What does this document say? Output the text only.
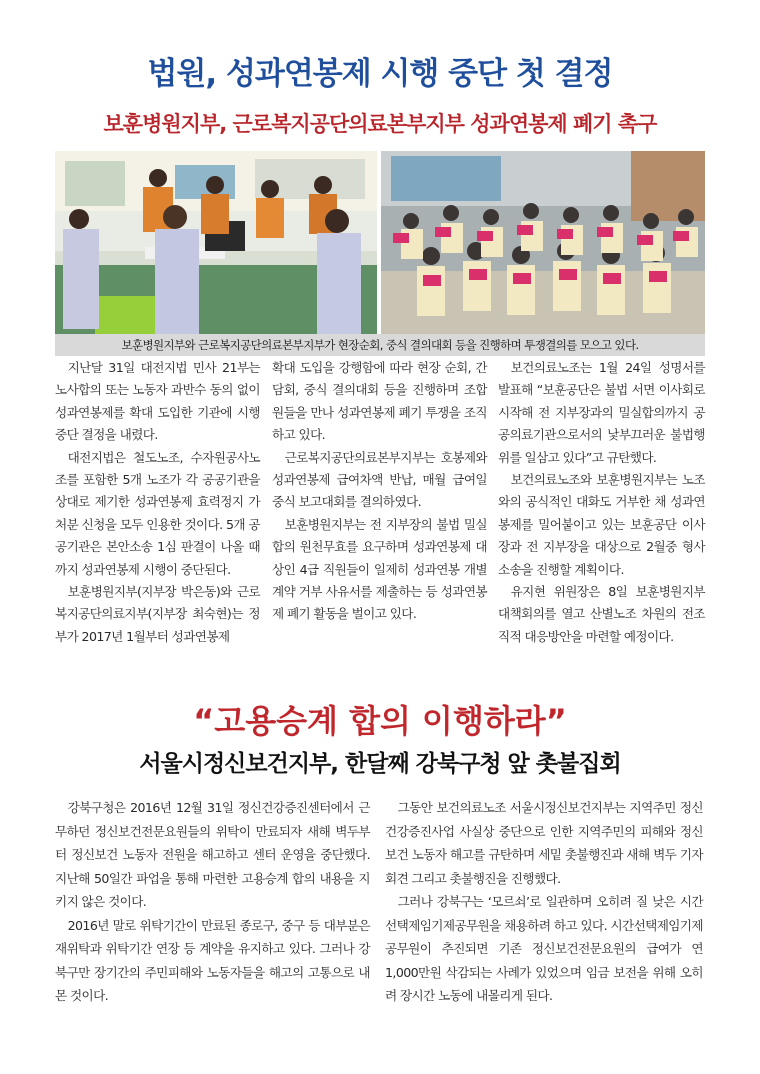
법원, 성과연봉제 시행 중단 첫 결정
보훈병원지부, 근로복지공단의료본부지부 성과연봉제 폐기 촉구
보훈병원지부와 근로복지공단의료본부지부가 현장순회, 중식 결의대회 등을 진행하며 투쟁결의를 모으고 있다.

지난달 31일 대전지법 민사 21부는 노사합의 또는 노동자 과반수 동의 없이 성과연봉제를 확대 도입한 기관에 시행 중단 결정을 내렸다.

대전지법은 철도노조, 수자원공사노조를 포함한 5개 노조가 각 공공기관을 상대로 제기한 성과연봉제 효력정지 가처분 신청을 모두 인용한 것이다. 5개 공공기관은 본안소송 1심 판결이 나올 때까지 성과연봉제 시행이 중단된다.

보훈병원지부(지부장 박은동)와 근로복지공단의료지부(지부장 최숙현)는 정부가 2017년 1월부터 성과연봉제

확대 도입을 강행함에 따라 현장 순회, 간담회, 중식 결의대회 등을 진행하며 조합원들을 만나 성과연봉제 폐기 투쟁을 조직하고 있다.

근로복지공단의료본부지부는 호봉제와 성과연봉제 급여차액 반납, 매월 급여일 중식 보고대회를 결의하였다.

보훈병원지부는 전 지부장의 불법 밀실합의 원천무효를 요구하며 성과연봉제 대상인 4급 직원들이 일제히 성과연봉 개별계약 거부 사유서를 제출하는 등 성과연봉제 폐기 활동을 벌이고 있다.

보건의료노조는 1월 24일 성명서를 발표해 “보훈공단은 불법 서면 이사회로 시작해 전 지부장과의 밀실합의까지 공공의료기관으로서의 낯부끄러운 불법행위를 일삼고 있다”고 규탄했다.

보건의료노조와 보훈병원지부는 노조와의 공식적인 대화도 거부한 채 성과연봉제를 밀어붙이고 있는 보훈공단 이사장과 전 지부장을 대상으로 2월중 형사소송을 진행할 계획이다.

유지현 위원장은 8일 보훈병원지부 대책회의를 열고 산별노조 차원의 전조직적 대응방안을 마련할 예정이다.

“고용승계 합의 이행하라”
서울시정신보건지부, 한달째 강북구청 앞 촛불집회

강북구청은 2016년 12월 31일 정신건강증진센터에서 근무하던 정신보건전문요원들의 위탁이 만료되자 새해 벽두부터 정신보건 노동자 전원을 해고하고 센터 운영을 중단했다. 지난해 50일간 파업을 통해 마련한 고용승계 합의 내용을 지키지 않은 것이다.

2016년 말로 위탁기간이 만료된 종로구, 중구 등 대부분은 재위탁과 위탁기간 연장 등 계약을 유지하고 있다. 그러나 강북구만 장기간의 주민피해와 노동자들을 해고의 고통으로 내몬 것이다.

그동안 보건의료노조 서울시정신보건지부는 지역주민 정신건강증진사업 사실상 중단으로 인한 지역주민의 피해와 정신보건 노동자 해고를 규탄하며 세밑 촛불행진과 새해 벽두 기자회견 그리고 촛불행진을 진행했다.

그러나 강북구는 ‘모르쇠’로 일관하며 오히려 질 낮은 시간선택제임기제공무원을 채용하려 하고 있다. 시간선택제임기제공무원이 추진되면 기존 정신보건전문요원의 급여가 연 1,000만원 삭감되는 사례가 있었으며 임금 보전을 위해 오히려 장시간 노동에 내몰리게 된다.
